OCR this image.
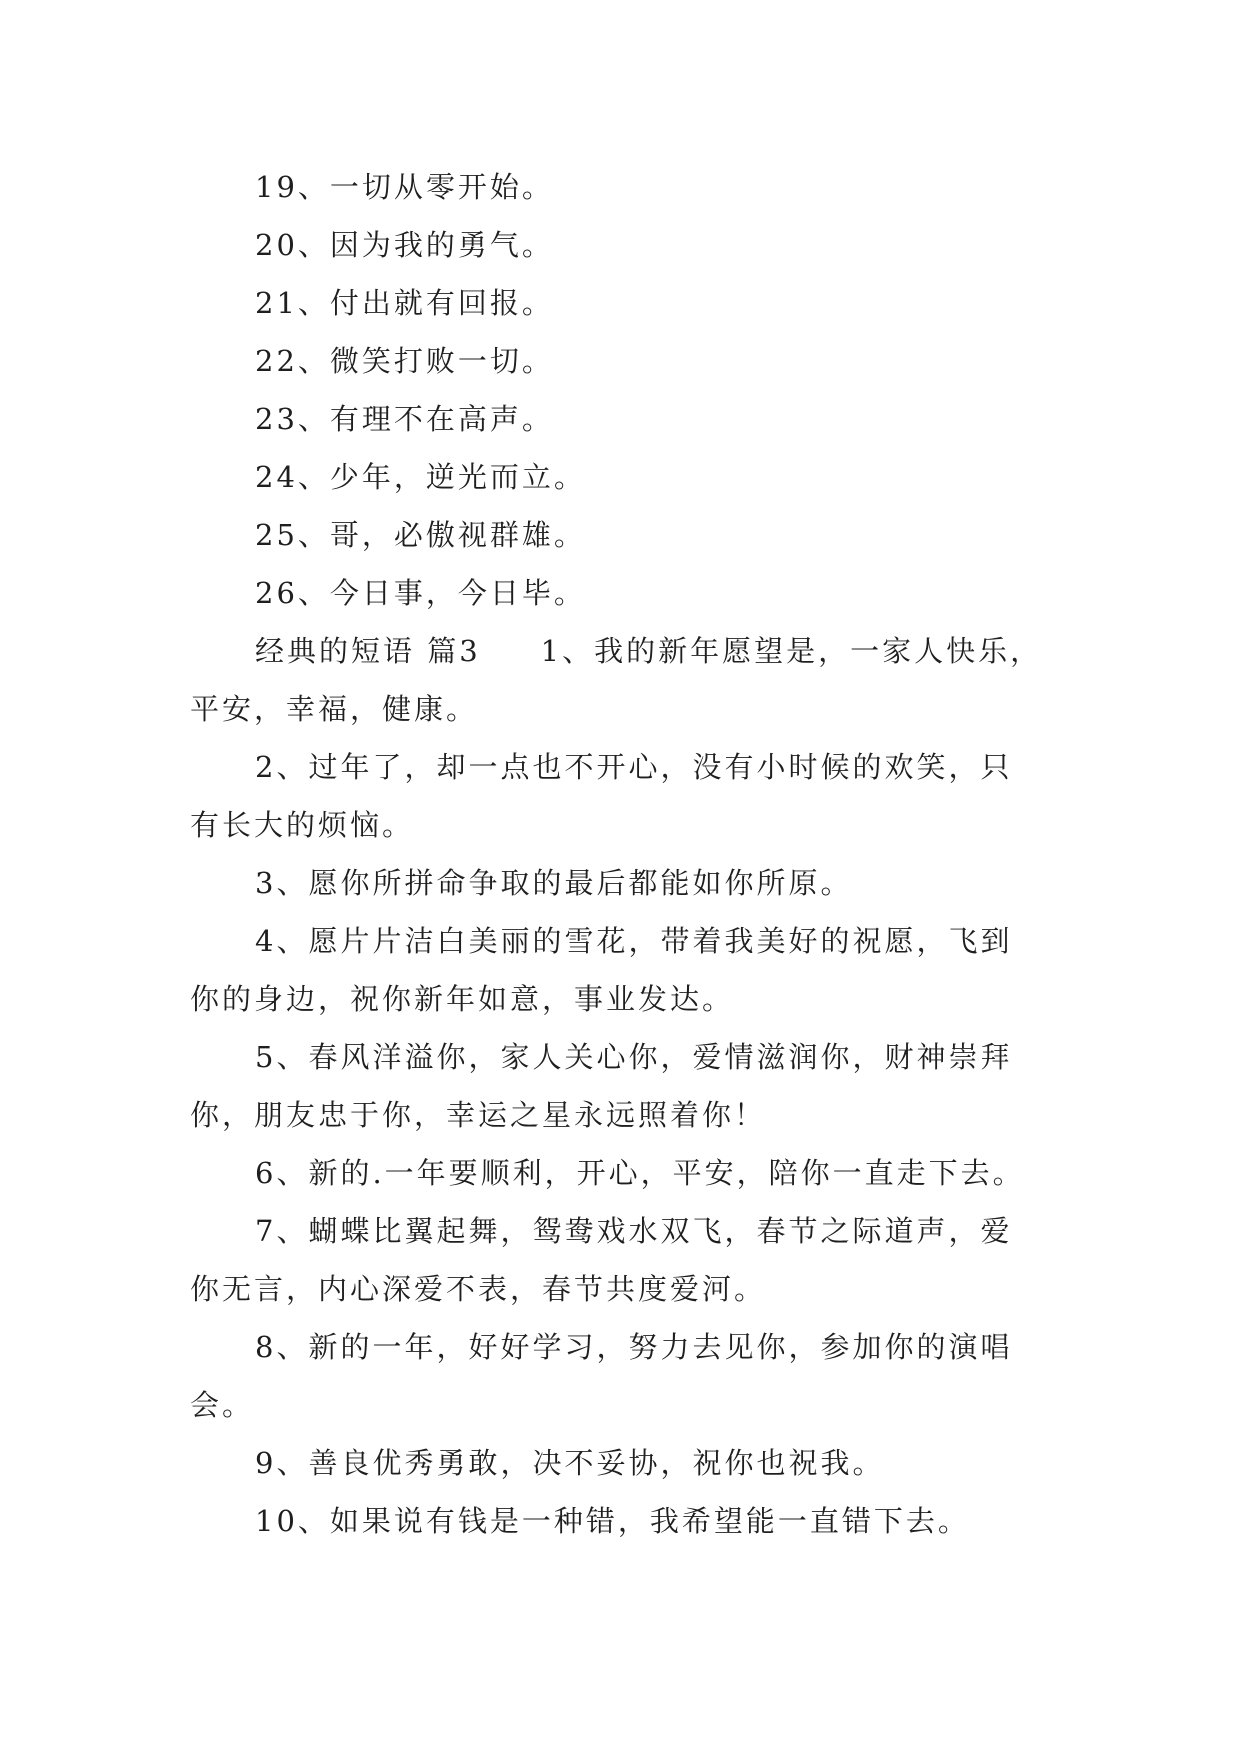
19、一切从零开始。
20、因为我的勇气。
21、付出就有回报。
22、微笑打败一切。
23、有理不在高声。
24、少年，逆光而立。
25、哥，必傲视群雄。
26、今日事，今日毕。
经典的短语 篇3 1、我的新年愿望是，一家人快乐，
平安，幸福，健康。
2、过年了，却一点也不开心，没有小时候的欢笑，只
有长大的烦恼。
3、愿你所拼命争取的最后都能如你所原。
4、愿片片洁白美丽的雪花，带着我美好的祝愿，飞到
你的身边，祝你新年如意，事业发达。
5、春风洋溢你，家人关心你，爱情滋润你，财神崇拜
你，朋友忠于你，幸运之星永远照着你！
6、新的.一年要顺利，开心，平安，陪你一直走下去。
7、蝴蝶比翼起舞，鸳鸯戏水双飞，春节之际道声，爱
你无言，内心深爱不表，春节共度爱河。
8、新的一年，好好学习，努力去见你，参加你的演唱
会。
9、善良优秀勇敢，决不妥协，祝你也祝我。
10、如果说有钱是一种错，我希望能一直错下去。
